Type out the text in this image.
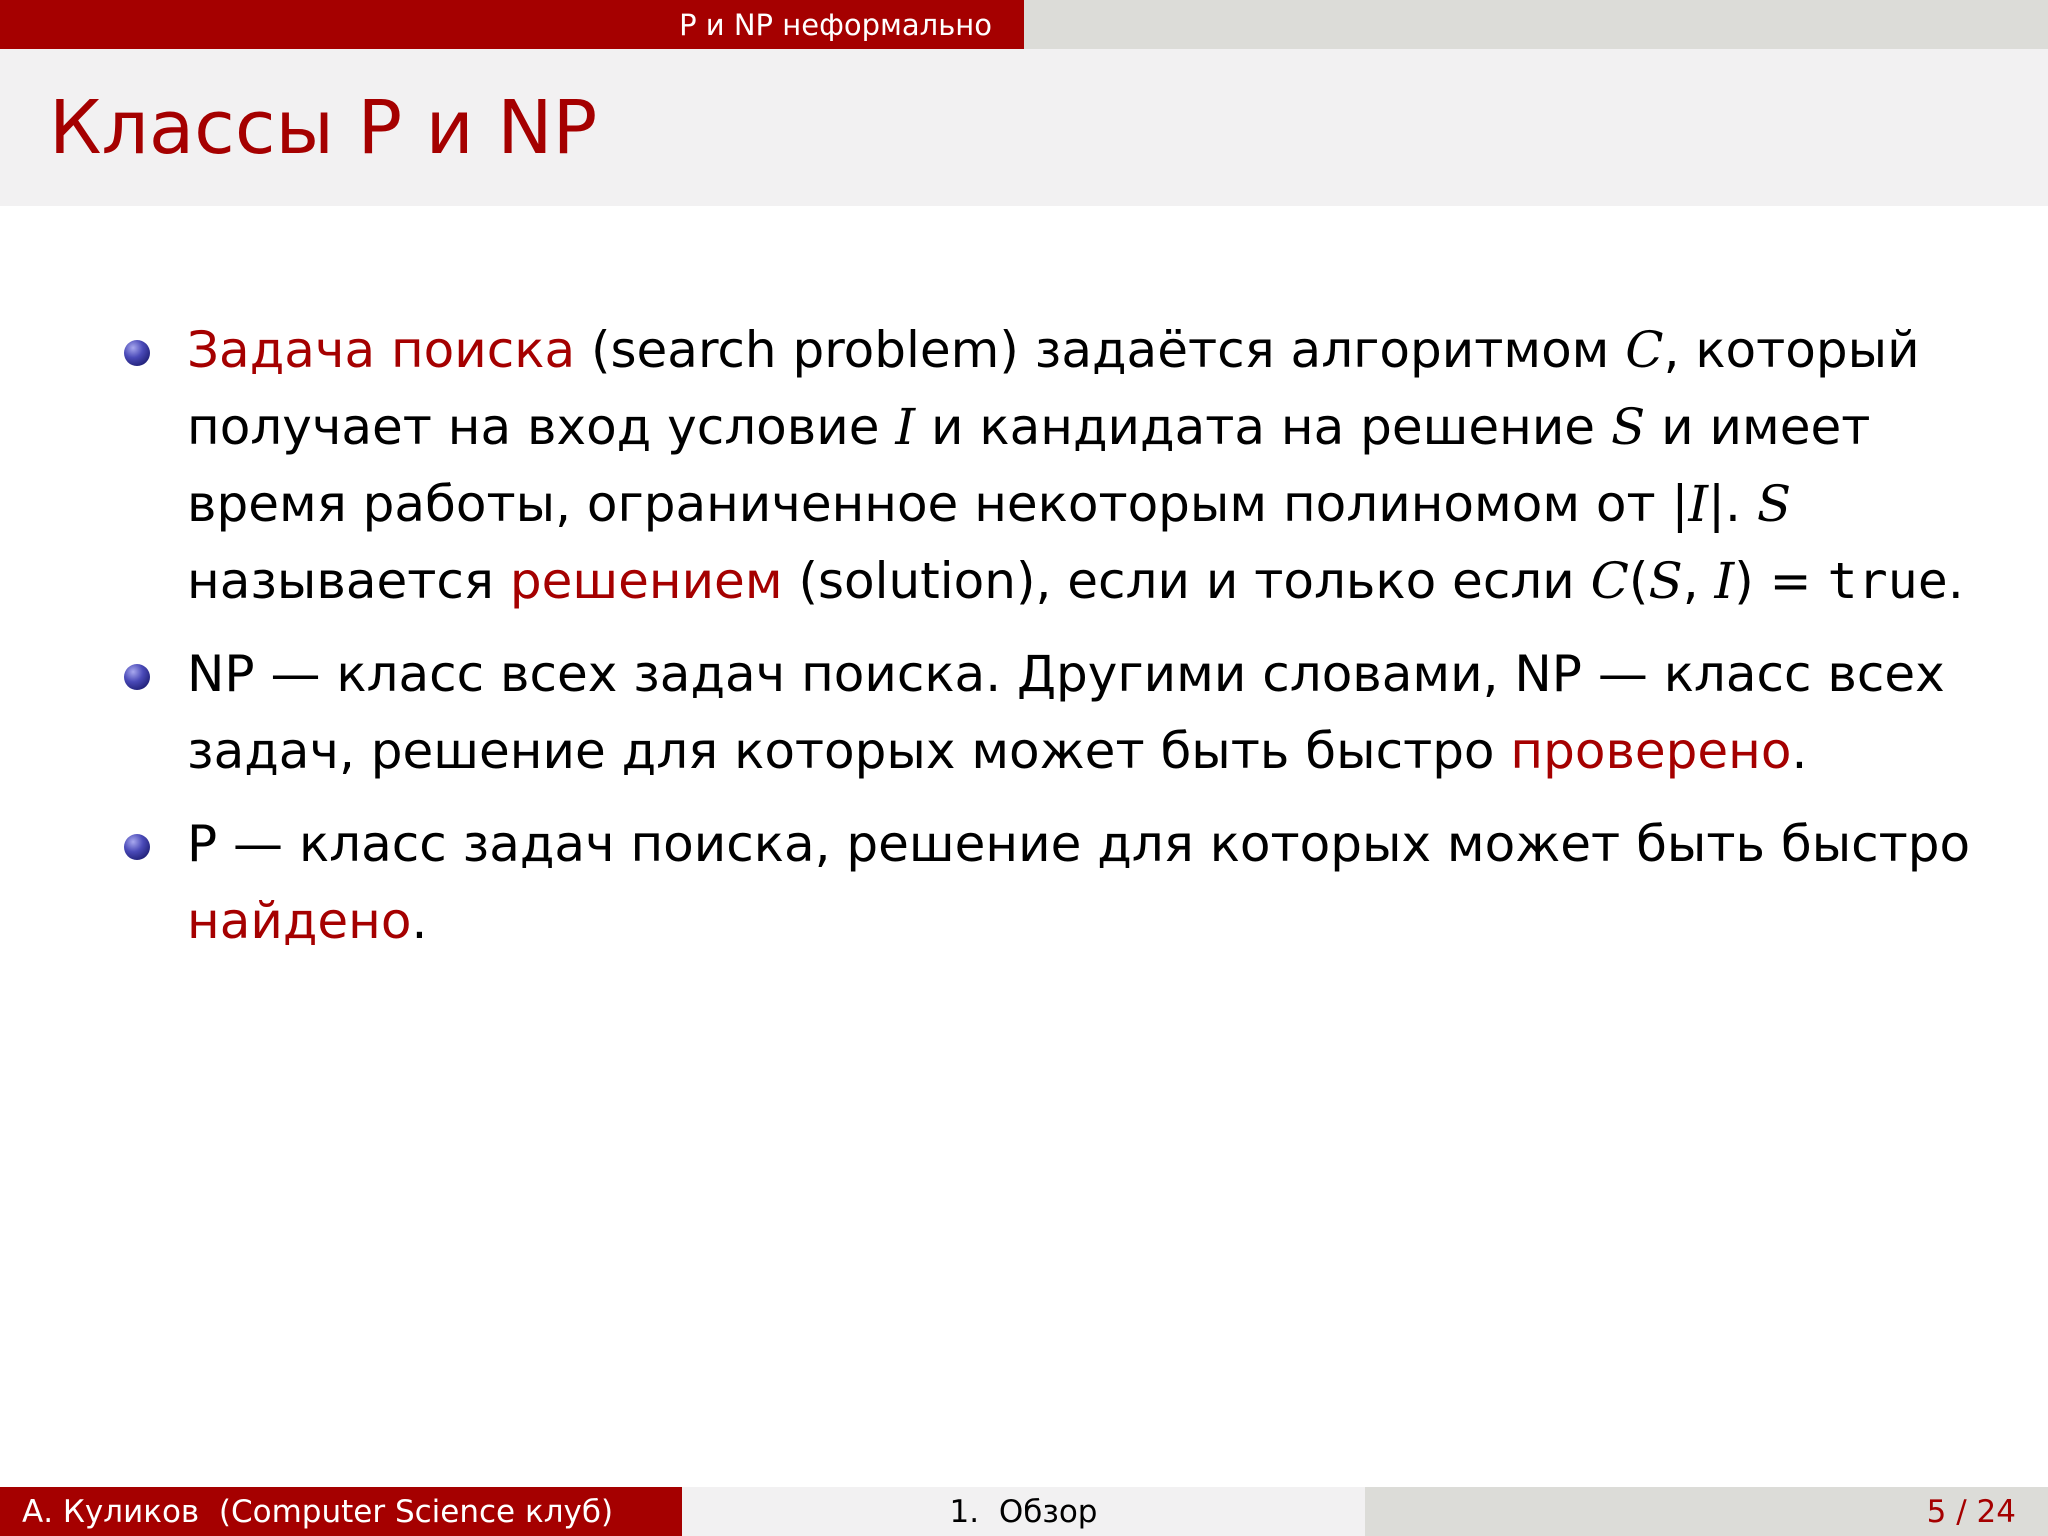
P и NP неформально
Классы P и NP
Задача поиска (search problem) задаётся алгоритмом C, который получает на вход условие I и кандидата на решение S и имеет время работы, ограниченное некоторым полиномом от |I|. S называется решением (solution), если и только если C(S, I) = true.
NP — класс всех задач поиска. Другими словами, NP — класс всех задач, решение для которых может быть быстро проверено.
P — класс задач поиска, решение для которых может быть быстро найдено.
А. Куликов  (Computer Science клуб)	1.  Обзор	5 / 24
